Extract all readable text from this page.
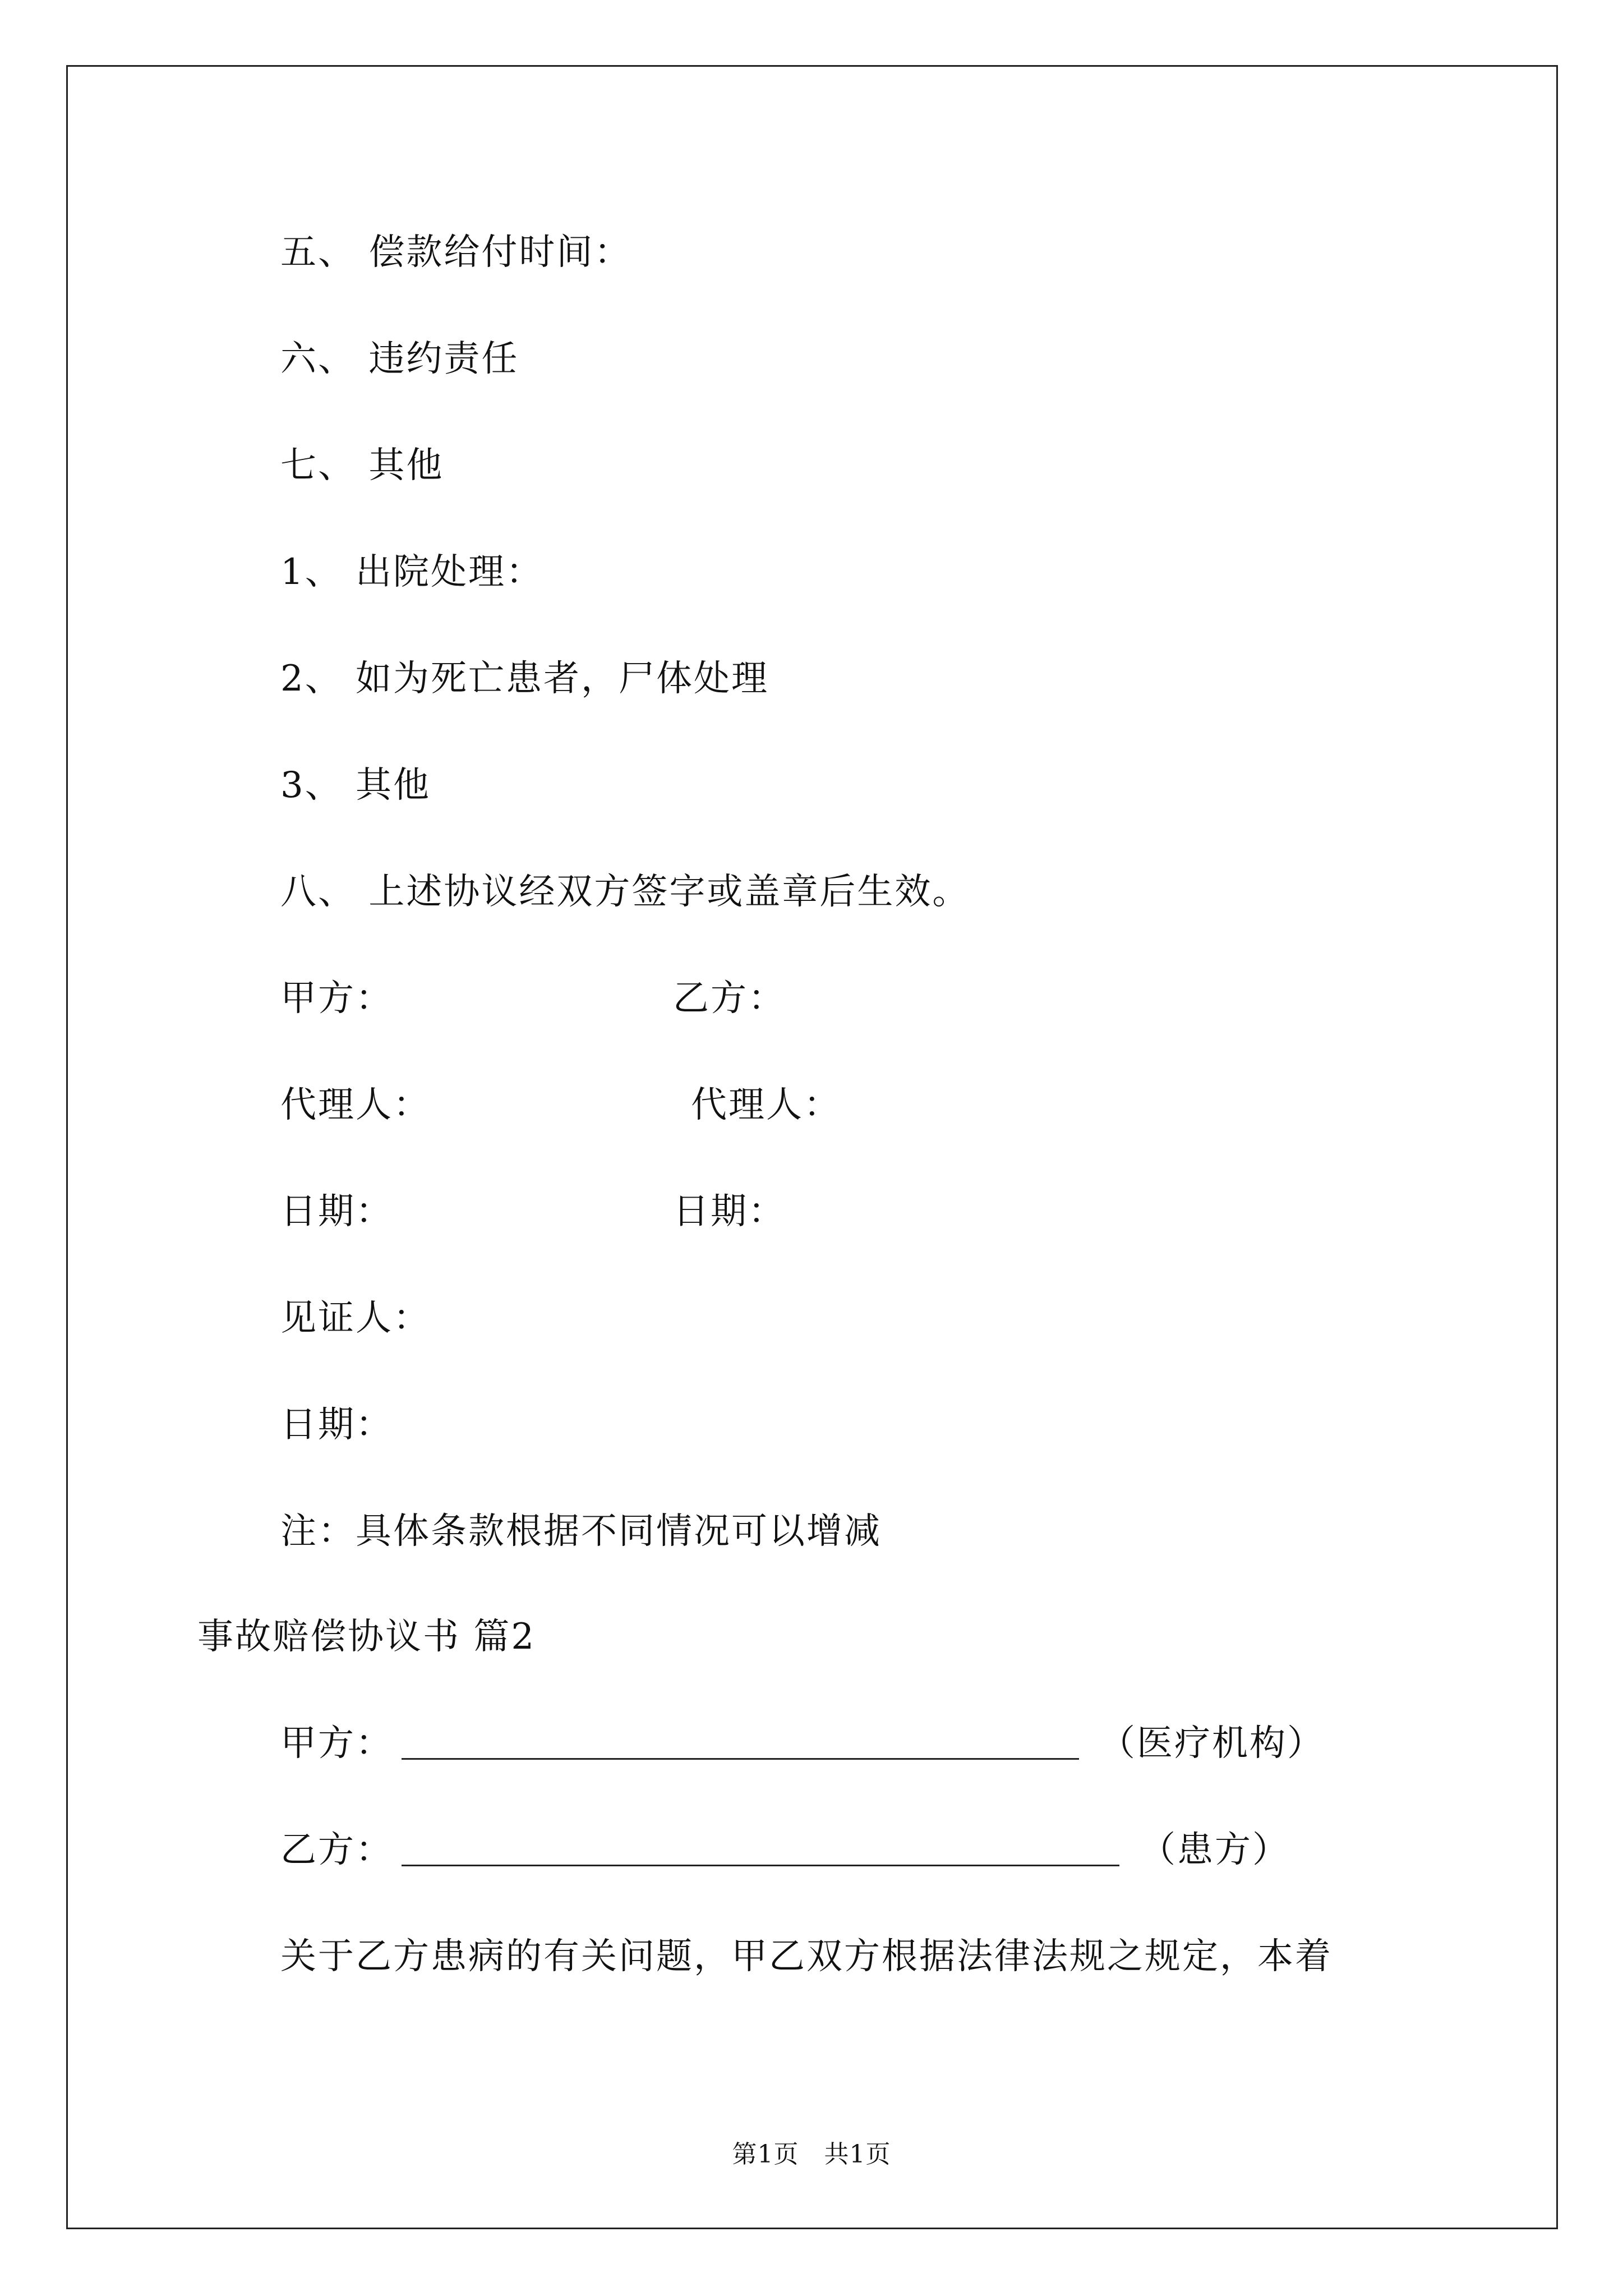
五、 偿款给付时间：
六、 违约责任
七、 其他
1、 出院处理：
2、 如为死亡患者，尸体处理
3、 其他
八、 上述协议经双方签字或盖章后生效。
甲方：	乙方：
代理人：	代理人：
日期：	日期：
见证人：
日期：
注：具体条款根据不同情况可以增减
事故赔偿协议书 篇2
甲方：	（医疗机构）
乙方：	（患方）
关于乙方患病的有关问题，甲乙双方根据法律法规之规定，本着
第1页　共1页
